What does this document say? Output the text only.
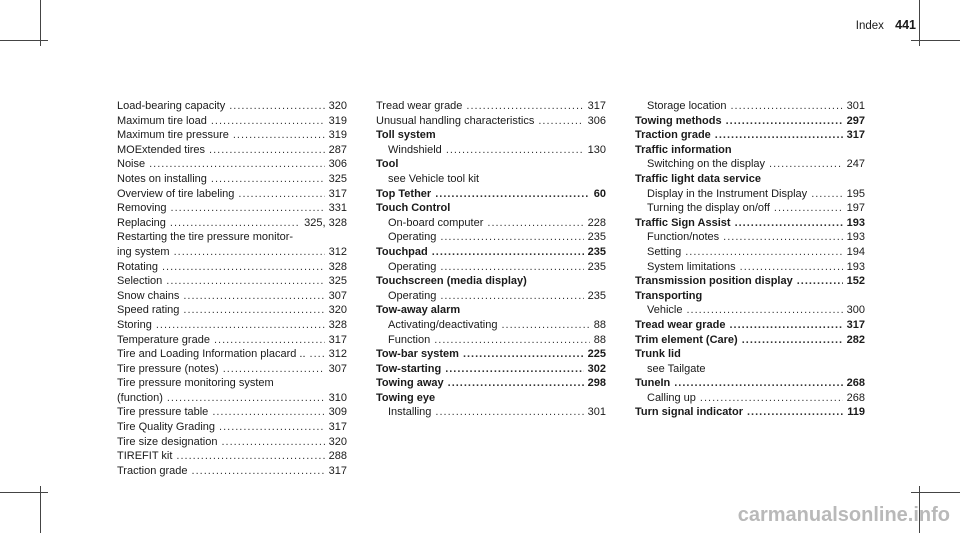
Index 441
Load-bearing capacity .....	320
Maximum tire load .....	319
Maximum tire pressure .....	319
MOExtended tires .....	287
Noise .....	306
Notes on installing .....	325
Overview of tire labeling .....	317
Removing .....	331
Replacing .....	325, 328
Restarting the tire pressure monitor-
ing system .....	312
Rotating .....	328
Selection .....	325
Snow chains .....	307
Speed rating .....	320
Storing .....	328
Temperature grade .....	317
Tire and Loading Information placard .. ..... 312
Tire pressure (notes) .....	307
Tire pressure monitoring system
(function) .....	310
Tire pressure table .....	309
Tire Quality Grading .....	317
Tire size designation .....	320
TIREFIT kit .....	288
Traction grade .....	317
Tread wear grade .....	317
Unusual handling characteristics .....	306
Toll system
Windshield .....	130
Tool
see Vehicle tool kit
Top Tether .....	60
Touch Control
On-board computer .....	228
Operating .....	235
Touchpad .....	235
Operating .....	235
Touchscreen (media display)
Operating .....	235
Tow-away alarm
Activating/deactivating .....	88
Function .....	88
Tow-bar system .....	225
Tow-starting .....	302
Towing away .....	298
Towing eye
Installing .....	301
Storage location .....	301
Towing methods .....	297
Traction grade .....	317
Traffic information
Switching on the display .....	247
Traffic light data service
Display in the Instrument Display .....	195
Turning the display on/off .....	197
Traffic Sign Assist .....	193
Function/notes .....	193
Setting .....	194
System limitations .....	193
Transmission position display .....	152
Transporting
Vehicle .....	300
Tread wear grade .....	317
Trim element (Care) .....	282
Trunk lid
see Tailgate
TuneIn .....	268
Calling up .....	268
Turn signal indicator .....	119
carmanualsonline.info
